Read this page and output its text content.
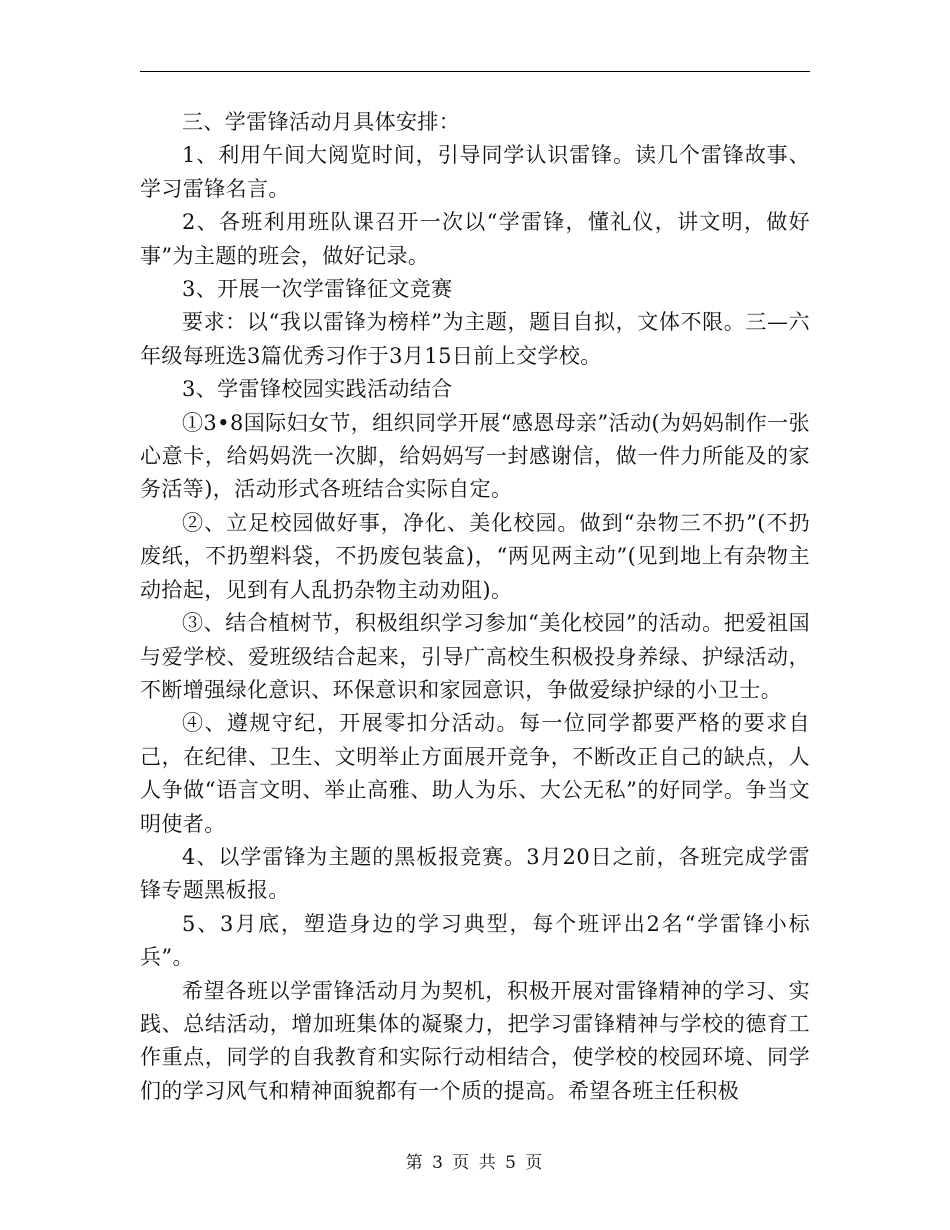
三、学雷锋活动月具体安排：

1、利用午间大阅览时间，引导同学认识雷锋。读几个雷锋故事、学习雷锋名言。

2、各班利用班队课召开一次以“学雷锋，懂礼仪，讲文明，做好事”为主题的班会，做好记录。

3、开展一次学雷锋征文竞赛

要求：以“我以雷锋为榜样”为主题，题目自拟，文体不限。三—六年级每班选3篇优秀习作于3月15日前上交学校。

3、学雷锋校园实践活动结合

①3•8国际妇女节，组织同学开展“感恩母亲”活动(为妈妈制作一张心意卡，给妈妈洗一次脚，给妈妈写一封感谢信，做一件力所能及的家务活等)，活动形式各班结合实际自定。

②、立足校园做好事，净化、美化校园。做到“杂物三不扔”(不扔废纸，不扔塑料袋，不扔废包装盒)，“两见两主动”(见到地上有杂物主动拾起，见到有人乱扔杂物主动劝阻)。

③、结合植树节，积极组织学习参加“美化校园”的活动。把爱祖国与爱学校、爱班级结合起来，引导广高校生积极投身养绿、护绿活动，不断增强绿化意识、环保意识和家园意识，争做爱绿护绿的小卫士。

④、遵规守纪，开展零扣分活动。每一位同学都要严格的要求自己，在纪律、卫生、文明举止方面展开竞争，不断改正自己的缺点，人人争做“语言文明、举止高雅、助人为乐、大公无私”的好同学。争当文明使者。

4、以学雷锋为主题的黑板报竞赛。3月20日之前，各班完成学雷锋专题黑板报。

5、3月底，塑造身边的学习典型，每个班评出2名“学雷锋小标兵”。

希望各班以学雷锋活动月为契机，积极开展对雷锋精神的学习、实践、总结活动，增加班集体的凝聚力，把学习雷锋精神与学校的德育工作重点，同学的自我教育和实际行动相结合，使学校的校园环境、同学们的学习风气和精神面貌都有一个质的提高。希望各班主任积极

第 3 页 共 5 页
